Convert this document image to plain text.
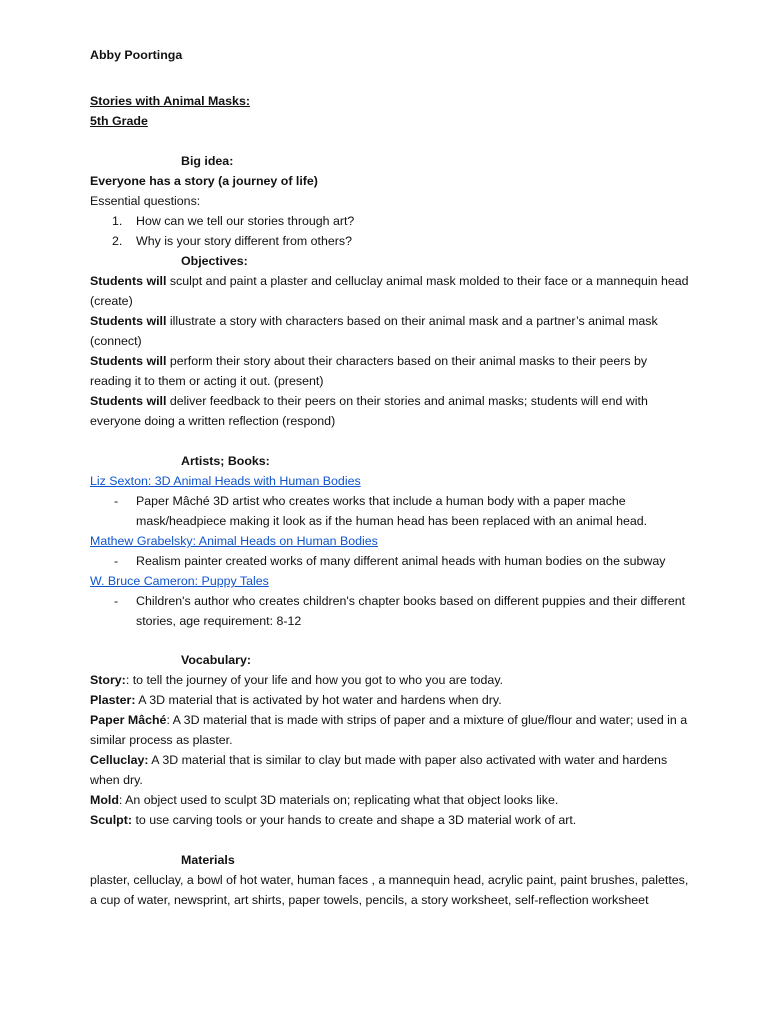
Abby Poortinga
Stories with Animal Masks:
5th Grade
Big idea:
Everyone has a story (a journey of life)
Essential questions:
1. How can we tell our stories through art?
2. Why is your story different from others?
Objectives:
Students will sculpt and paint a plaster and celluclay animal mask molded to their face or a mannequin head (create)
Students will illustrate a story with characters based on their animal mask and a partner’s animal mask (connect)
Students will perform their story about their characters based on their animal masks to their peers by reading it to them or acting it out. (present)
Students will deliver feedback to their peers on their stories and animal masks; students will end with everyone doing a written reflection (respond)
Artists; Books:
Liz Sexton: 3D Animal Heads with Human Bodies
- Paper Mâché 3D artist who creates works that include a human body with a paper mache mask/headpiece making it look as if the human head has been replaced with an animal head.
Mathew Grabelsky: Animal Heads on Human Bodies
- Realism painter created works of many different animal heads with human bodies on the subway
W. Bruce Cameron: Puppy Tales
- Children's author who creates children's chapter books based on different puppies and their different stories, age requirement: 8-12
Vocabulary:
Story:: to tell the journey of your life and how you got to who you are today.
Plaster: A 3D material that is activated by hot water and hardens when dry.
Paper Mâché: A 3D material that is made with strips of paper and a mixture of glue/flour and water; used in a similar process as plaster.
Celluclay: A 3D material that is similar to clay but made with paper also activated with water and hardens when dry.
Mold: An object used to sculpt 3D materials on; replicating what that object looks like.
Sculpt: to use carving tools or your hands to create and shape a 3D material work of art.
Materials
plaster, celluclay, a bowl of hot water, human faces , a mannequin head, acrylic paint, paint brushes, palettes, a cup of water, newsprint, art shirts, paper towels, pencils, a story worksheet, self-reflection worksheet
